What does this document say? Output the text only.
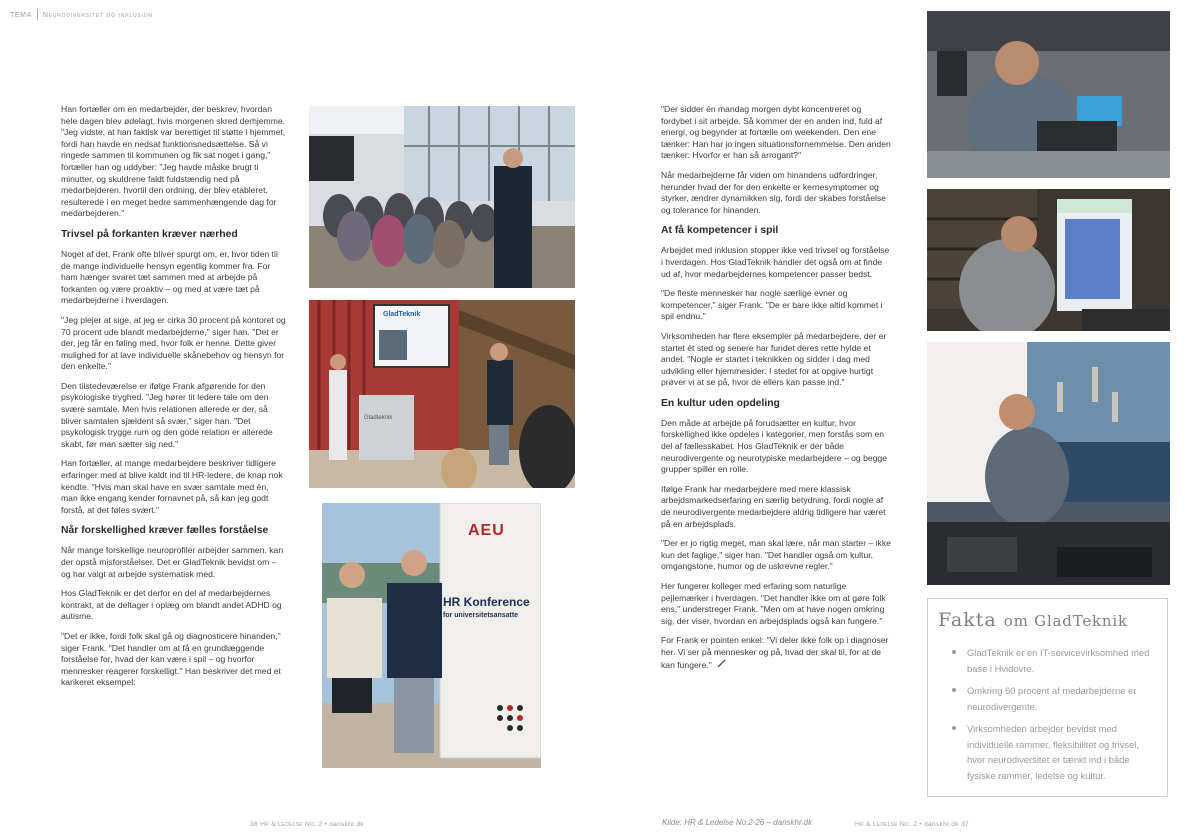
TEMA Neurodiversitet og inklusion

Han fortæller om en medarbejder, der beskrev, hvordan hele dagen blev ødelagt, hvis morgenen skred derhjemme. "Jeg vidste, at han faktisk var berettiget til støtte i hjemmet, fordi han havde en nedsat funktionsnedsættelse. Så vi ringede sammen til kommunen og fik sat noget i gang," fortæller han og uddyber: "Jeg havde måske brugt ti minutter, og skuldrene faldt fuldstændig ned på medarbejderen. hvortil den ordning, der blev etableret, resulterede i en meget bedre sammenhængende dag for medarbejderen."

Trivsel på forkanten kræver nærhed

Noget af det, Frank ofte bliver spurgt om, er, hvor tiden til de mange individuelle hensyn egentlig kommer fra. For ham hænger svaret tæt sammen med at arbejde på forkanten og være proaktiv – og med at være tæt på medarbejderne i hverdagen.

"Jeg plejer at sige, at jeg er cirka 30 procent på kontoret og 70 procent ude blandt medarbejderne," siger han. "Det er der, jeg får en føling med, hvor folk er henne. Dette giver mulighed for at lave individuelle skånebehov og hensyn for den enkelte."

Den tilstedeværelse er ifølge Frank afgørende for den psykologiske tryghed. "Jeg hører tit ledere tale om den svære samtale. Men hvis relationen allerede er der, så bliver samtalen sjældent så svær," siger han. "Det psykologisk trygge rum og den gode relation er allerede skabt, før man sætter sig ned."

Han fortæller, at mange medarbejdere beskriver tidligere erfaringer med at blive kaldt ind til HR-ledere, de knap nok kendte. "Hvis man skal have en svær samtale med én, man ikke engang kender fornavnet på, så kan jeg godt forstå, at det føles svært."

Når forskellighed kræver fælles forståelse

Når mange forskellige neuroprofiler arbejder sammen, kan der opstå misforståelser. Det er GladTeknik bevidst om – og har valgt at arbejde systematisk med.

Hos GladTeknik er det derfor en del af medarbejdernes kontrakt, at de deltager i oplæg om blandt andet ADHD og autisme.

"Det er ikke, fordi folk skal gå og diagnosticere hinanden," siger Frank. "Det handler om at få en grundlæggende forståelse for, hvad der kan være i spil – og hvorfor mennesker reagerer forskelligt." Han beskriver det med et karikeret eksempel:

GladTeknik
Gladteknik
AEU
HR Konference
for universitetsansatte

"Der sidder én mandag morgen dybt koncentreret og fordybet i sit arbejde. Så kommer der en anden ind, fuld af energi, og begynder at fortælle om weekenden. Den ene tænker: Han har jo ingen situationsfornemmelse. Den anden tænker: Hvorfor er han så arrogant?"

Når medarbejderne får viden om hinandens udfordringer, herunder hvad der for den enkelte er kernesymptomer og styrker, ændrer dynamikken sig, fordi der skabes forståelse og tolerance for hinanden.

At få kompetencer i spil

Arbejdet med inklusion stopper ikke ved trivsel og forståelse i hverdagen. Hos GladTeknik handler det også om at finde ud af, hvor medarbejdernes kompetencer passer bedst.

"De fleste mennesker har nogle særlige evner og kompetencer," siger Frank. "De er bare ikke altid kommet i spil endnu."

Virksomheden har flere eksempler på medarbejdere, der er startet ét sted og senere har fundet deres rette hylde et andet. "Nogle er startet i teknikken og sidder i dag med udvikling eller hjemmesider. I stedet for at opgive hurtigt prøver vi at se på, hvor de ellers kan passe ind."

En kultur uden opdeling

Den måde at arbejde på forudsætter en kultur, hvor forskellighed ikke opdeles i kategorier, men forstås som en del af fællesskabet. Hos GladTeknik er der både neurodivergente og neurotypiske medarbejdere – og begge grupper spiller en rolle.

Ifølge Frank har medarbejdere med mere klassisk arbejdsmarkedserfaring en særlig betydning, fordi nogle af de neurodivergente medarbejdere aldrig tidligere har været på en arbejdsplads.

"Der er jo rigtig meget, man skal lære, når man starter – ikke kun det faglige," siger han. "Det handler også om kultur, omgangstone, humor og de uskrevne regler."

Her fungerer kolleger med erfaring som naturlige pejlemærker i hverdagen. "Det handler ikke om at gøre folk ens," understreger Frank. "Men om at have nogen omkring sig, der viser, hvordan en arbejdsplads også kan fungere."

For Frank er pointen enkel: "Vi deler ikke folk op i diagnoser her. Vi ser på mennesker og på, hvad der skal til, for at de kan fungere."

Fakta om GladTeknik
GladTeknik er en IT-servicevirksomhed med base i Hvidovre.
Omkring 60 procent af medarbejderne er neurodivergente.
Virksomheden arbejder bevidst med individuelle rammer, fleksibilitet og trivsel, hvor neurodiversitet er tænkt ind i både fysiske rammer, ledelse og kultur.
36 Hr & Ledelse No. 2 • danskhr.dk	Kilde: HR & Ledelse No.2-26 – danskhr.dk	Hr & Ledelse No. 2 • danskhr.dk 37
